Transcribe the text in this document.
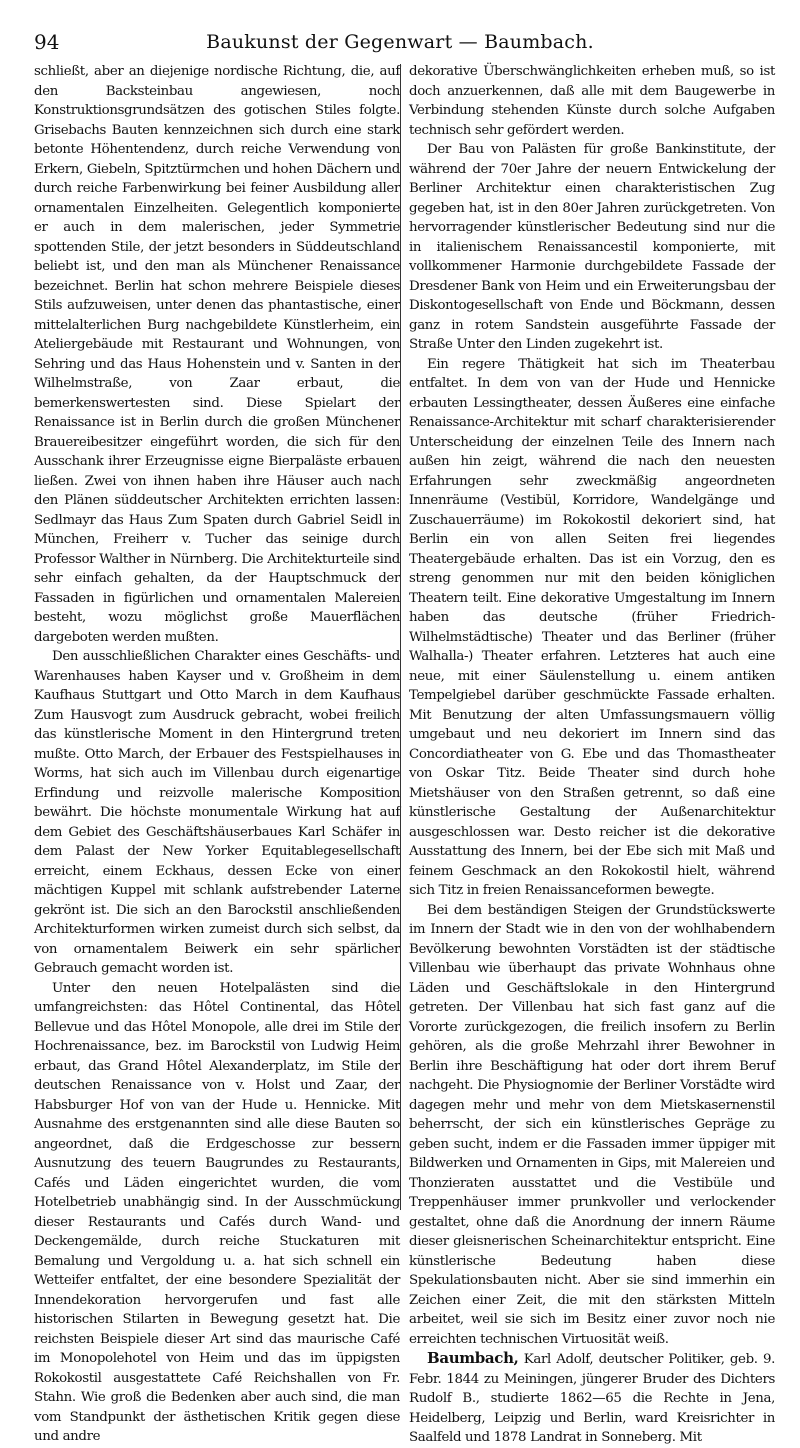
94	Baukunst der Gegenwart — Baumbach.

schließt, aber an diejenige nordische Richtung, die, auf den Backsteinbau angewiesen, noch Konstruktionsgrundsätzen des gotischen Stiles folgte. Grisebachs Bauten kennzeichnen sich durch eine stark betonte Höhentendenz, durch reiche Verwendung von Erkern, Giebeln, Spitztürmchen und hohen Dächern und durch reiche Farbenwirkung bei feiner Ausbildung aller ornamentalen Einzelheiten. Gelegentlich komponierte er auch in dem malerischen, jeder Symmetrie spottenden Stile, der jetzt besonders in Süddeutschland beliebt ist, und den man als Münchener Renaissance bezeichnet. Berlin hat schon mehrere Beispiele dieses Stils aufzuweisen, unter denen das phantastische, einer mittelalterlichen Burg nachgebildete Künstlerheim, ein Ateliergebäude mit Restaurant und Wohnungen, von Sehring und das Haus Hohenstein und v. Santen in der Wilhelmstraße, von Zaar erbaut, die bemerkenswertesten sind. Diese Spielart der Renaissance ist in Berlin durch die großen Münchener Brauereibesitzer eingeführt worden, die sich für den Ausschank ihrer Erzeugnisse eigne Bierpaläste erbauen ließen. Zwei von ihnen haben ihre Häuser auch nach den Plänen süddeutscher Architekten errichten lassen: Sedlmayr das Haus Zum Spaten durch Gabriel Seidl in München, Freiherr v. Tucher das seinige durch Professor Walther in Nürnberg. Die Architekturteile sind sehr einfach gehalten, da der Hauptschmuck der Fassaden in figürlichen und ornamentalen Malereien besteht, wozu möglichst große Mauerflächen dargeboten werden mußten.

Den ausschließlichen Charakter eines Geschäfts- und Warenhauses haben Kayser und v. Großheim in dem Kaufhaus Stuttgart und Otto March in dem Kaufhaus Zum Hausvogt zum Ausdruck gebracht, wobei freilich das künstlerische Moment in den Hintergrund treten mußte. Otto March, der Erbauer des Festspielhauses in Worms, hat sich auch im Villenbau durch eigenartige Erfindung und reizvolle malerische Komposition bewährt. Die höchste monumentale Wirkung hat auf dem Gebiet des Geschäftshäuserbaues Karl Schäfer in dem Palast der New Yorker Equitablegesellschaft erreicht, einem Eckhaus, dessen Ecke von einer mächtigen Kuppel mit schlank aufstrebender Laterne gekrönt ist. Die sich an den Barockstil anschließenden Architekturformen wirken zumeist durch sich selbst, da von ornamentalem Beiwerk ein sehr spärlicher Gebrauch gemacht worden ist.

Unter den neuen Hotelpalästen sind die umfangreichsten: das Hôtel Continental, das Hôtel Bellevue und das Hôtel Monopole, alle drei im Stile der Hochrenaissance, bez. im Barockstil von Ludwig Heim erbaut, das Grand Hôtel Alexanderplatz, im Stile der deutschen Renaissance von v. Holst und Zaar, der Habsburger Hof von van der Hude u. Hennicke. Mit Ausnahme des erstgenannten sind alle diese Bauten so angeordnet, daß die Erdgeschosse zur bessern Ausnutzung des teuern Baugrundes zu Restaurants, Cafés und Läden eingerichtet wurden, die vom Hotelbetrieb unabhängig sind. In der Ausschmückung dieser Restaurants und Cafés durch Wand- und Deckengemälde, durch reiche Stuckaturen mit Bemalung und Vergoldung u. a. hat sich schnell ein Wetteifer entfaltet, der eine besondere Spezialität der Innendekoration hervorgerufen und fast alle historischen Stilarten in Bewegung gesetzt hat. Die reichsten Beispiele dieser Art sind das maurische Café im Monopolehotel von Heim und das im üppigsten Rokokostil ausgestattete Café Reichshallen von Fr. Stahn. Wie groß die Bedenken aber auch sind, die man vom Standpunkt der ästhetischen Kritik gegen diese und andre

dekorative Überschwänglichkeiten erheben muß, so ist doch anzuerkennen, daß alle mit dem Baugewerbe in Verbindung stehenden Künste durch solche Aufgaben technisch sehr gefördert werden.

Der Bau von Palästen für große Bankinstitute, der während der 70er Jahre der neuern Entwickelung der Berliner Architektur einen charakteristischen Zug gegeben hat, ist in den 80er Jahren zurückgetreten. Von hervorragender künstlerischer Bedeutung sind nur die in italienischem Renaissancestil komponierte, mit vollkommener Harmonie durchgebildete Fassade der Dresdener Bank von Heim und ein Erweiterungsbau der Diskontogesellschaft von Ende und Böckmann, dessen ganz in rotem Sandstein ausgeführte Fassade der Straße Unter den Linden zugekehrt ist.

Ein regere Thätigkeit hat sich im Theaterbau entfaltet. In dem von van der Hude und Hennicke erbauten Lessingtheater, dessen Äußeres eine einfache Renaissance-Architektur mit scharf charakterisierender Unterscheidung der einzelnen Teile des Innern nach außen hin zeigt, während die nach den neuesten Erfahrungen sehr zweckmäßig angeordneten Innenräume (Vestibül, Korridore, Wandelgänge und Zuschauerräume) im Rokokostil dekoriert sind, hat Berlin ein von allen Seiten frei liegendes Theatergebäude erhalten. Das ist ein Vorzug, den es streng genommen nur mit den beiden königlichen Theatern teilt. Eine dekorative Umgestaltung im Innern haben das deutsche (früher Friedrich-Wilhelmstädtische) Theater und das Berliner (früher Walhalla-) Theater erfahren. Letzteres hat auch eine neue, mit einer Säulenstellung u. einem antiken Tempelgiebel darüber geschmückte Fassade erhalten. Mit Benutzung der alten Umfassungsmauern völlig umgebaut und neu dekoriert im Innern sind das Concordiatheater von G. Ebe und das Thomastheater von Oskar Titz. Beide Theater sind durch hohe Mietshäuser von den Straßen getrennt, so daß eine künstlerische Gestaltung der Außenarchitektur ausgeschlossen war. Desto reicher ist die dekorative Ausstattung des Innern, bei der Ebe sich mit Maß und feinem Geschmack an den Rokokostil hielt, während sich Titz in freien Renaissanceformen bewegte.

Bei dem beständigen Steigen der Grundstückswerte im Innern der Stadt wie in den von der wohlhabendern Bevölkerung bewohnten Vorstädten ist der städtische Villenbau wie überhaupt das private Wohnhaus ohne Läden und Geschäftslokale in den Hintergrund getreten. Der Villenbau hat sich fast ganz auf die Vororte zurückgezogen, die freilich insofern zu Berlin gehören, als die große Mehrzahl ihrer Bewohner in Berlin ihre Beschäftigung hat oder dort ihrem Beruf nachgeht. Die Physiognomie der Berliner Vorstädte wird dagegen mehr und mehr von dem Mietskasernenstil beherrscht, der sich ein künstlerisches Gepräge zu geben sucht, indem er die Fassaden immer üppiger mit Bildwerken und Ornamenten in Gips, mit Malereien und Thonzieraten ausstattet und die Vestibüle und Treppenhäuser immer prunkvoller und verlockender gestaltet, ohne daß die Anordnung der innern Räume dieser gleisnerischen Scheinarchitektur entspricht. Eine künstlerische Bedeutung haben diese Spekulationsbauten nicht. Aber sie sind immerhin ein Zeichen einer Zeit, die mit den stärksten Mitteln arbeitet, weil sie sich im Besitz einer zuvor noch nie erreichten technischen Virtuosität weiß.

Baumbach, Karl Adolf, deutscher Politiker, geb. 9. Febr. 1844 zu Meiningen, jüngerer Bruder des Dichters Rudolf B., studierte 1862—65 die Rechte in Jena, Heidelberg, Leipzig und Berlin, ward Kreisrichter in Saalfeld und 1878 Landrat in Sonneberg. Mit
